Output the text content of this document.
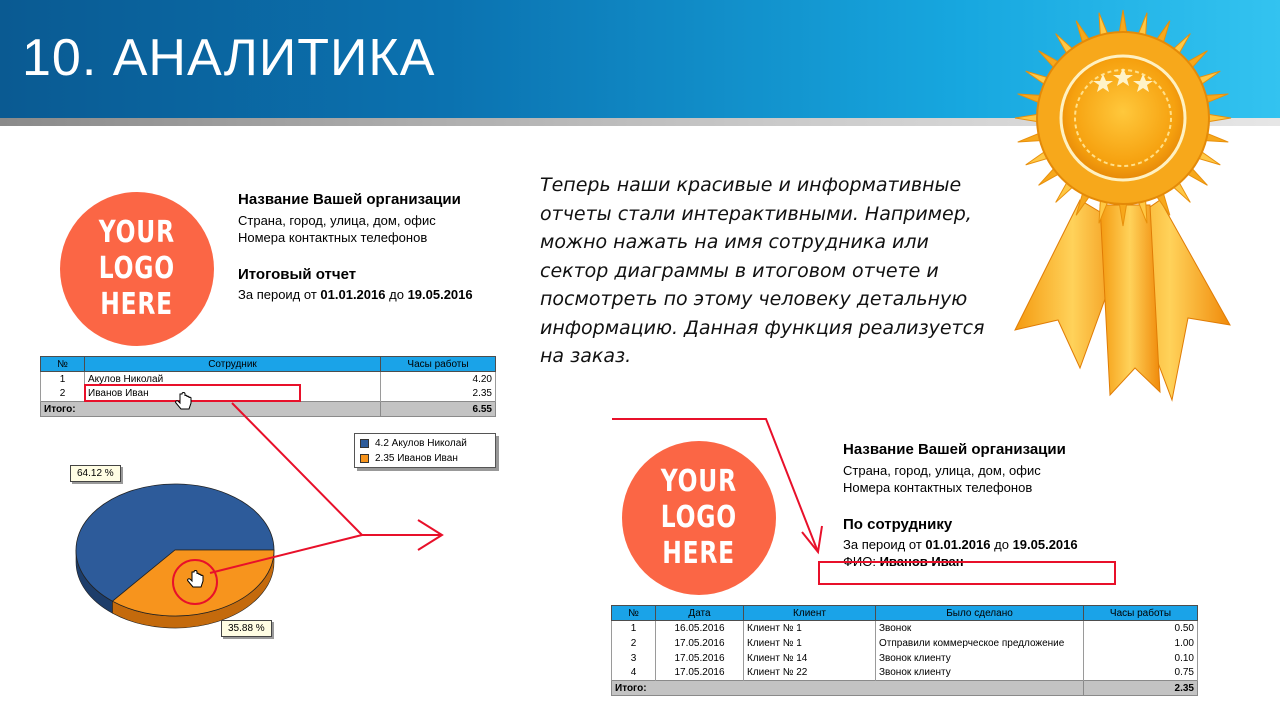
10. АНАЛИТИКА
YOUR
LOGO
HERE
Название Вашей организации
Страна, город, улица, дом, офис
Номера контактных телефонов
Итоговый отчет
За пероид от 01.01.2016 до 19.05.2016
№	Сотрудник	Часы работы
1	Акулов Николай	4.20
2	Иванов Иван	2.35
Итого:		6.55
4.2 Акулов Николай
2.35 Иванов Иван
64.12 %
35.88 %
Теперь наши красивые и информативные отчеты стали интерактивными. Например, можно нажать на имя сотрудника или сектор диаграммы в итоговом отчете и посмотреть по этому человеку детальную информацию. Данная функция реализуется на заказ.
YOUR
LOGO
HERE
Название Вашей организации
Страна, город, улица, дом, офис
Номера контактных телефонов
По сотруднику
За пероид от 01.01.2016 до 19.05.2016
ФИО: Иванов Иван
№	Дата	Клиент	Было сделано	Часы работы
1	16.05.2016	Клиент № 1	Звонок	0.50
2	17.05.2016	Клиент № 1	Отправили коммерческое предложение	1.00
3	17.05.2016	Клиент № 14	Звонок клиенту	0.10
4	17.05.2016	Клиент № 22	Звонок клиенту	0.75
Итого:				2.35
